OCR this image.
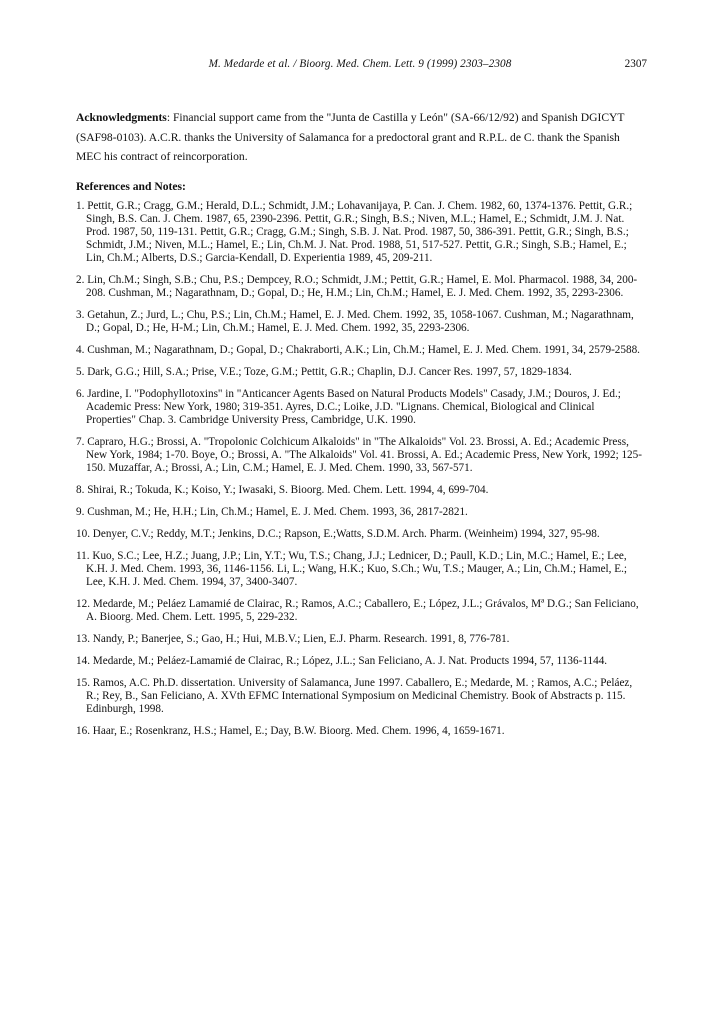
M. Medarde et al. / Bioorg. Med. Chem. Lett. 9 (1999) 2303–2308	2307
Acknowledgments: Financial support came from the "Junta de Castilla y León" (SA-66/12/92) and Spanish DGICYT (SAF98-0103). A.C.R. thanks the University of Salamanca for a predoctoral grant and R.P.L. de C. thank the Spanish MEC his contract of reincorporation.
References and Notes:
1. Pettit, G.R.; Cragg, G.M.; Herald, D.L.; Schmidt, J.M.; Lohavanijaya, P. Can. J. Chem. 1982, 60, 1374-1376. Pettit, G.R.; Singh, B.S. Can. J. Chem. 1987, 65, 2390-2396. Pettit, G.R.; Singh, B.S.; Niven, M.L.; Hamel, E.; Schmidt, J.M. J. Nat. Prod. 1987, 50, 119-131. Pettit, G.R.; Cragg, G.M.; Singh, S.B. J. Nat. Prod. 1987, 50, 386-391. Pettit, G.R.; Singh, B.S.; Schmidt, J.M.; Niven, M.L.; Hamel, E.; Lin, Ch.M. J. Nat. Prod. 1988, 51, 517-527. Pettit, G.R.; Singh, S.B.; Hamel, E.; Lin, Ch.M.; Alberts, D.S.; Garcia-Kendall, D. Experientia 1989, 45, 209-211.
2. Lin, Ch.M.; Singh, S.B.; Chu, P.S.; Dempcey, R.O.; Schmidt, J.M.; Pettit, G.R.; Hamel, E. Mol. Pharmacol. 1988, 34, 200-208. Cushman, M.; Nagarathnam, D.; Gopal, D.; He, H.M.; Lin, Ch.M.; Hamel, E. J. Med. Chem. 1992, 35, 2293-2306.
3. Getahun, Z.; Jurd, L.; Chu, P.S.; Lin, Ch.M.; Hamel, E. J. Med. Chem. 1992, 35, 1058-1067. Cushman, M.; Nagarathnam, D.; Gopal, D.; He, H-M.; Lin, Ch.M.; Hamel, E. J. Med. Chem. 1992, 35, 2293-2306.
4. Cushman, M.; Nagarathnam, D.; Gopal, D.; Chakraborti, A.K.; Lin, Ch.M.; Hamel, E. J. Med. Chem. 1991, 34, 2579-2588.
5. Dark, G.G.; Hill, S.A.; Prise, V.E.; Toze, G.M.; Pettit, G.R.; Chaplin, D.J. Cancer Res. 1997, 57, 1829-1834.
6. Jardine, I. "Podophyllotoxins" in "Anticancer Agents Based on Natural Products Models" Casady, J.M.; Douros, J. Ed.; Academic Press: New York, 1980; 319-351. Ayres, D.C.; Loike, J.D. "Lignans. Chemical, Biological and Clinical Properties" Chap. 3. Cambridge University Press, Cambridge, U.K. 1990.
7. Capraro, H.G.; Brossi, A. "Tropolonic Colchicum Alkaloids" in "The Alkaloids" Vol. 23. Brossi, A. Ed.; Academic Press, New York, 1984; 1-70. Boye, O.; Brossi, A. "The Alkaloids" Vol. 41. Brossi, A. Ed.; Academic Press, New York, 1992; 125-150. Muzaffar, A.; Brossi, A.; Lin, C.M.; Hamel, E. J. Med. Chem. 1990, 33, 567-571.
8. Shirai, R.; Tokuda, K.; Koiso, Y.; Iwasaki, S. Bioorg. Med. Chem. Lett. 1994, 4, 699-704.
9. Cushman, M.; He, H.H.; Lin, Ch.M.; Hamel, E. J. Med. Chem. 1993, 36, 2817-2821.
10. Denyer, C.V.; Reddy, M.T.; Jenkins, D.C.; Rapson, E.;Watts, S.D.M. Arch. Pharm. (Weinheim) 1994, 327, 95-98.
11. Kuo, S.C.; Lee, H.Z.; Juang, J.P.; Lin, Y.T.; Wu, T.S.; Chang, J.J.; Lednicer, D.; Paull, K.D.; Lin, M.C.; Hamel, E.; Lee, K.H. J. Med. Chem. 1993, 36, 1146-1156. Li, L.; Wang, H.K.; Kuo, S.Ch.; Wu, T.S.; Mauger, A.; Lin, Ch.M.; Hamel, E.; Lee, K.H. J. Med. Chem. 1994, 37, 3400-3407.
12. Medarde, M.; Peláez Lamamié de Clairac, R.; Ramos, A.C.; Caballero, E.; López, J.L.; Grávalos, Mª D.G.; San Feliciano, A. Bioorg. Med. Chem. Lett. 1995, 5, 229-232.
13. Nandy, P.; Banerjee, S.; Gao, H.; Hui, M.B.V.; Lien, E.J. Pharm. Research. 1991, 8, 776-781.
14. Medarde, M.; Peláez-Lamamié de Clairac, R.; López, J.L.; San Feliciano, A. J. Nat. Products 1994, 57, 1136-1144.
15. Ramos, A.C. Ph.D. dissertation. University of Salamanca, June 1997. Caballero, E.; Medarde, M. ; Ramos, A.C.; Peláez, R.; Rey, B., San Feliciano, A. XVth EFMC International Symposium on Medicinal Chemistry. Book of Abstracts p. 115. Edinburgh, 1998.
16. Haar, E.; Rosenkranz, H.S.; Hamel, E.; Day, B.W. Bioorg. Med. Chem. 1996, 4, 1659-1671.
